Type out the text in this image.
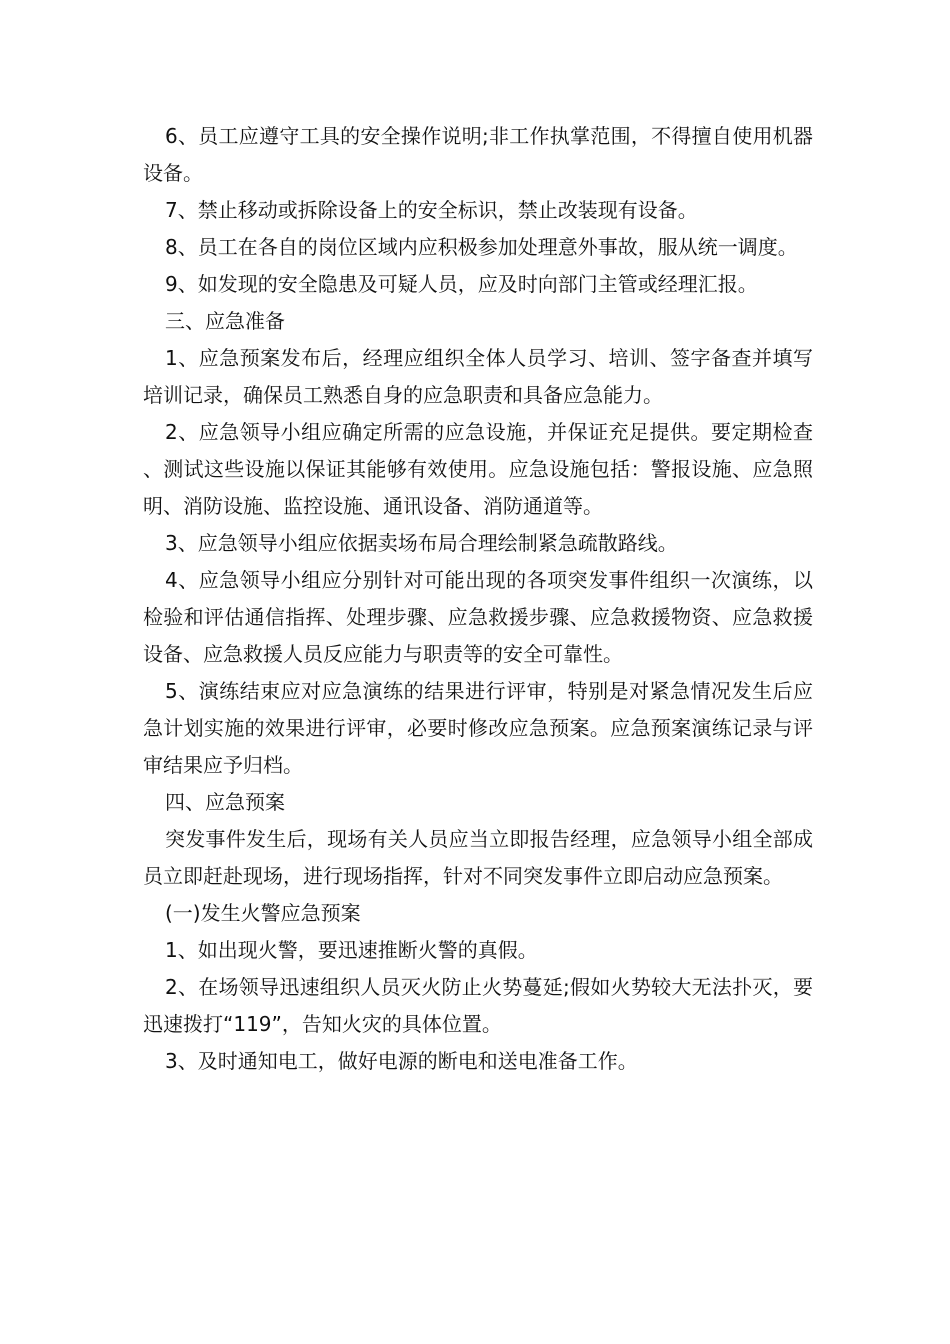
6、员工应遵守工具的安全操作说明;非工作执掌范围，不得擅自使用机器设备。

7、禁止移动或拆除设备上的安全标识，禁止改装现有设备。

8、员工在各自的岗位区域内应积极参加处理意外事故，服从统一调度。

9、如发现的安全隐患及可疑人员，应及时向部门主管或经理汇报。

三、应急准备

1、应急预案发布后，经理应组织全体人员学习、培训、签字备查并填写培训记录，确保员工熟悉自身的应急职责和具备应急能力。

2、应急领导小组应确定所需的应急设施，并保证充足提供。要定期检查、测试这些设施以保证其能够有效使用。应急设施包括：警报设施、应急照明、消防设施、监控设施、通讯设备、消防通道等。

3、应急领导小组应依据卖场布局合理绘制紧急疏散路线。

4、应急领导小组应分别针对可能出现的各项突发事件组织一次演练，以检验和评估通信指挥、处理步骤、应急救援步骤、应急救援物资、应急救援设备、应急救援人员反应能力与职责等的安全可靠性。

5、演练结束应对应急演练的结果进行评审，特别是对紧急情况发生后应急计划实施的效果进行评审，必要时修改应急预案。应急预案演练记录与评审结果应予归档。

四、应急预案

突发事件发生后，现场有关人员应当立即报告经理，应急领导小组全部成员立即赶赴现场，进行现场指挥，针对不同突发事件立即启动应急预案。

(一)发生火警应急预案

1、如出现火警，要迅速推断火警的真假。

2、在场领导迅速组织人员灭火防止火势蔓延;假如火势较大无法扑灭，要迅速拨打“119”，告知火灾的具体位置。

3、及时通知电工，做好电源的断电和送电准备工作。
